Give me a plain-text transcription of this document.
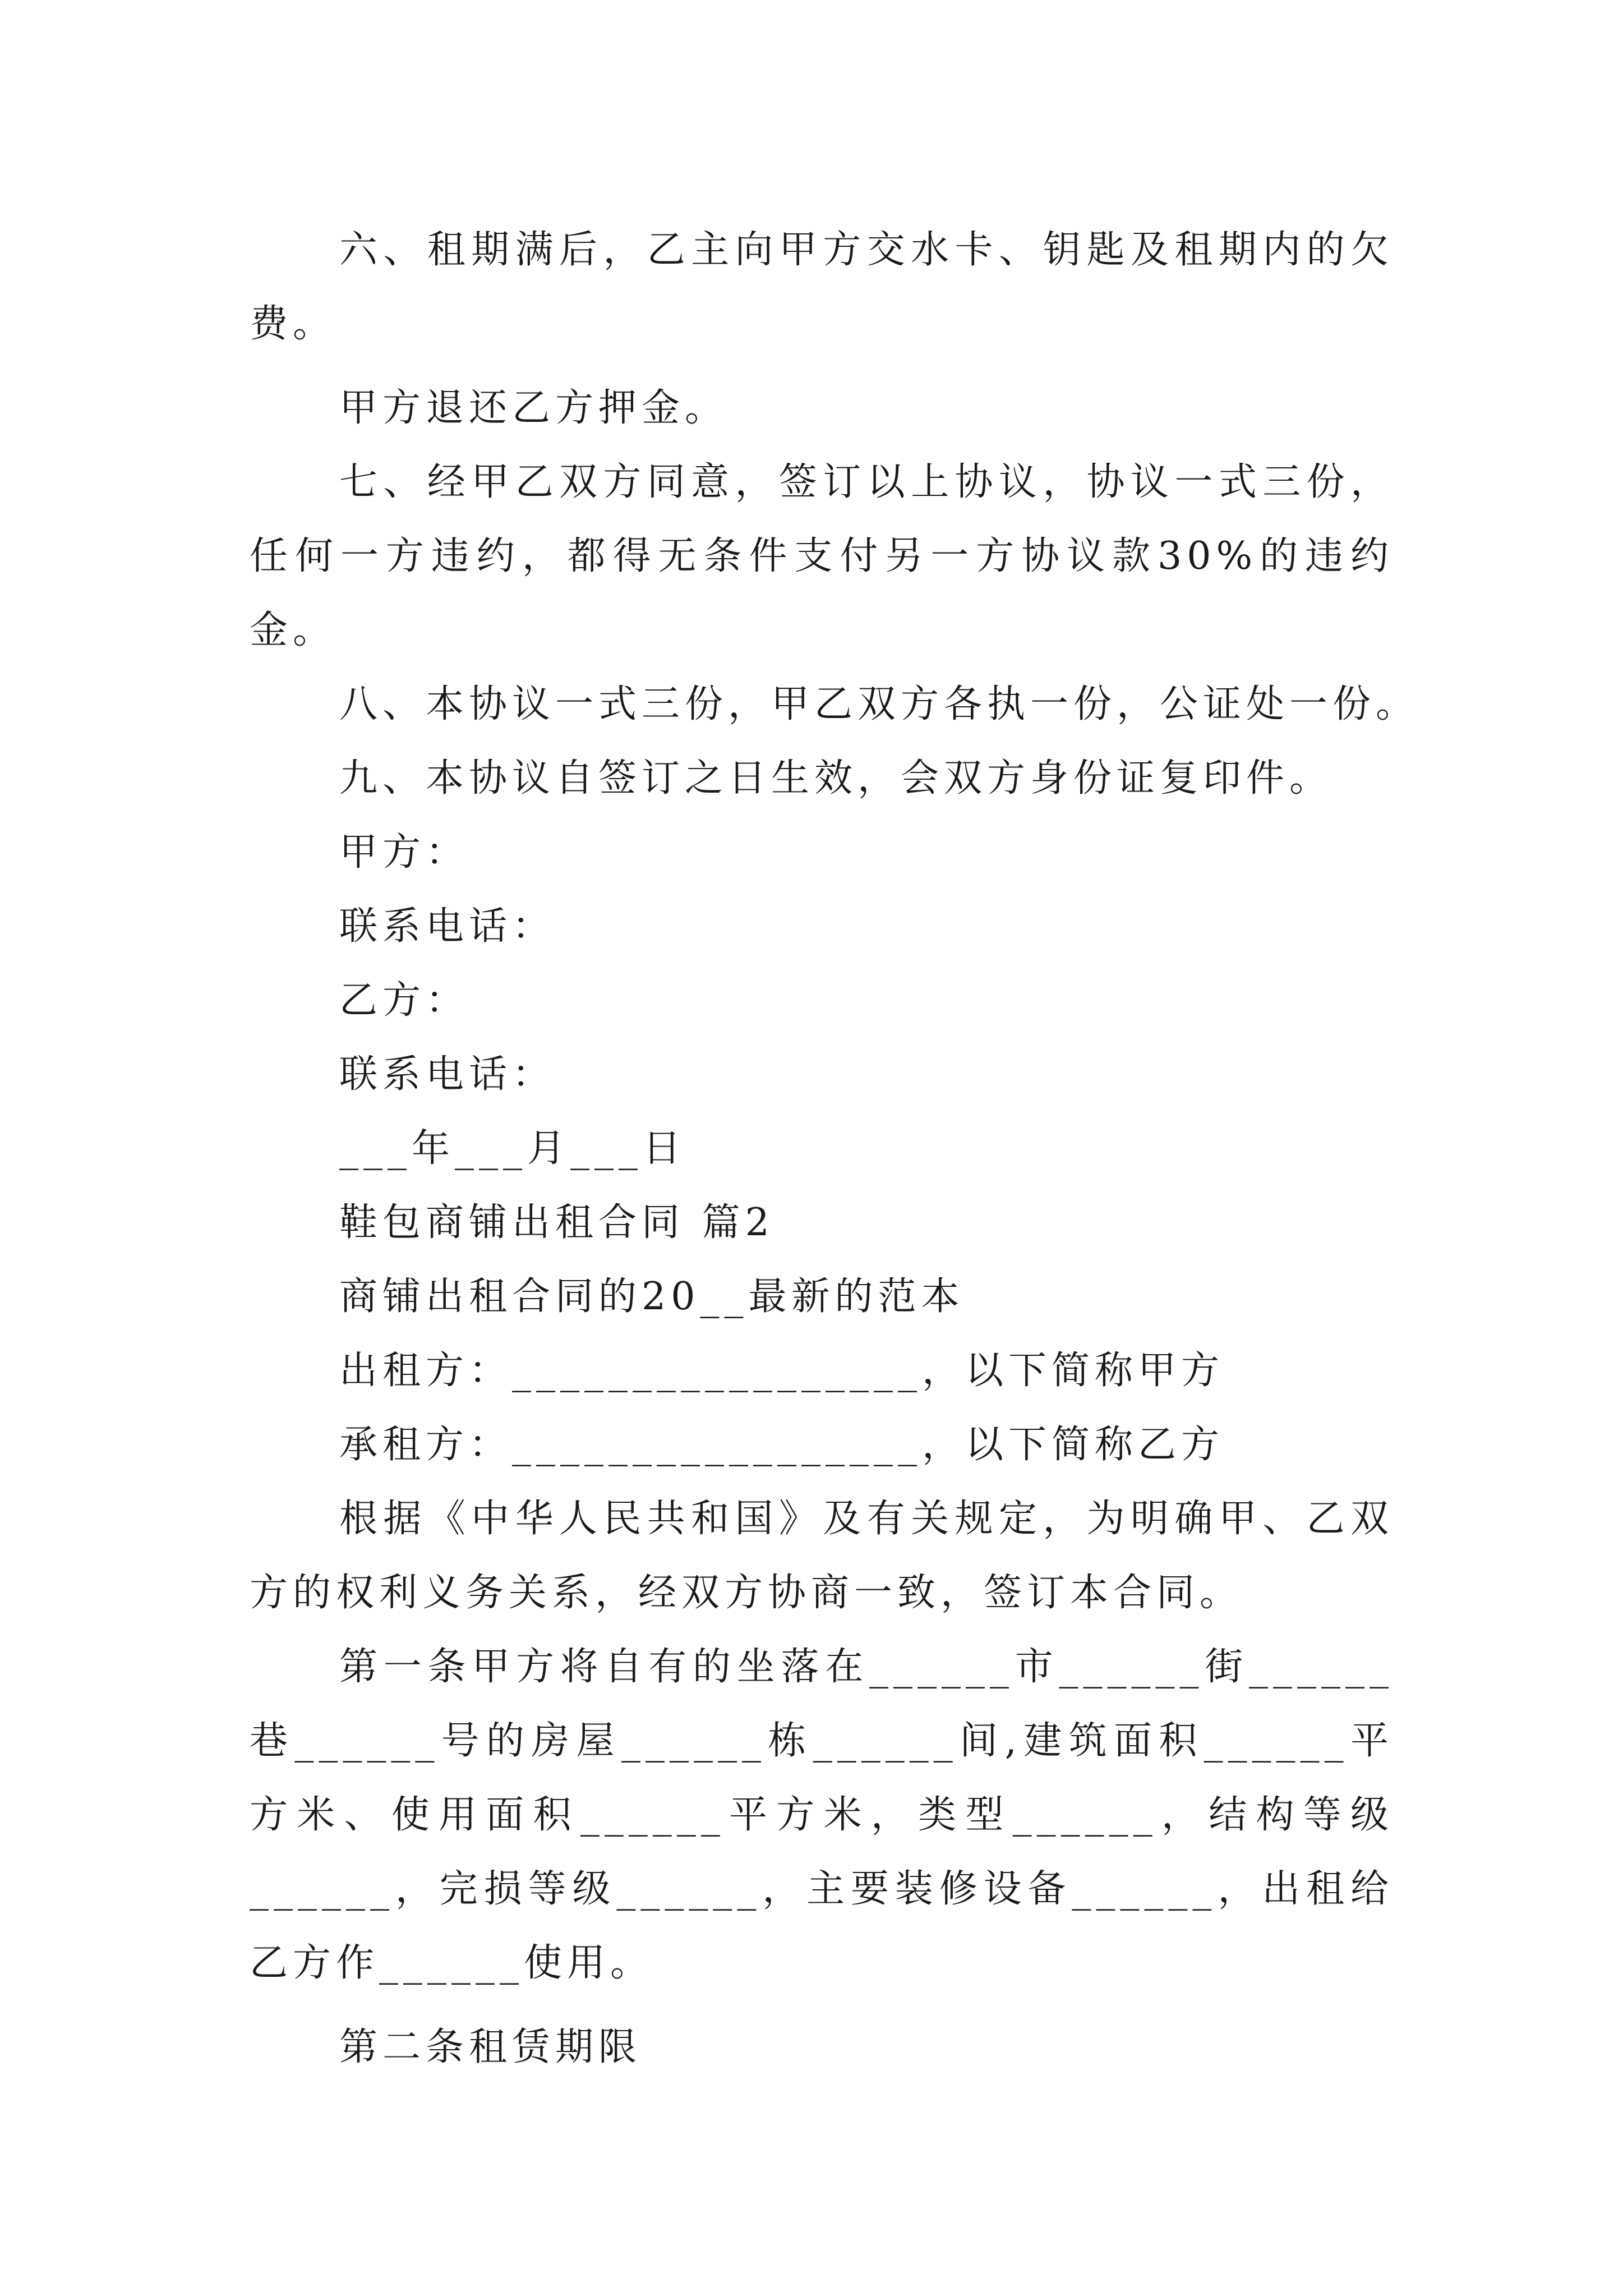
六、租期满后，乙主向甲方交水卡、钥匙及租期内的欠费。

甲方退还乙方押金。

七、经甲乙双方同意，签订以上协议，协议一式三份，任何一方违约，都得无条件支付另一方协议款30%的违约金。

八、本协议一式三份，甲乙双方各执一份，公证处一份。

九、本协议自签订之日生效，会双方身份证复印件。

甲方：

联系电话：

乙方：

联系电话：

___年___月___日

鞋包商铺出租合同 篇2

商铺出租合同的20__最新的范本

出租方：_________________，以下简称甲方

承租方：_________________，以下简称乙方

根据《中华人民共和国》及有关规定，为明确甲、乙双方的权利义务关系，经双方协商一致，签订本合同。

第一条甲方将自有的坐落在______市______街______巷______号的房屋______栋______间,建筑面积______平方米、使用面积______平方米，类型______，结构等级______，完损等级______，主要装修设备______，出租给乙方作______使用。

第二条租赁期限
